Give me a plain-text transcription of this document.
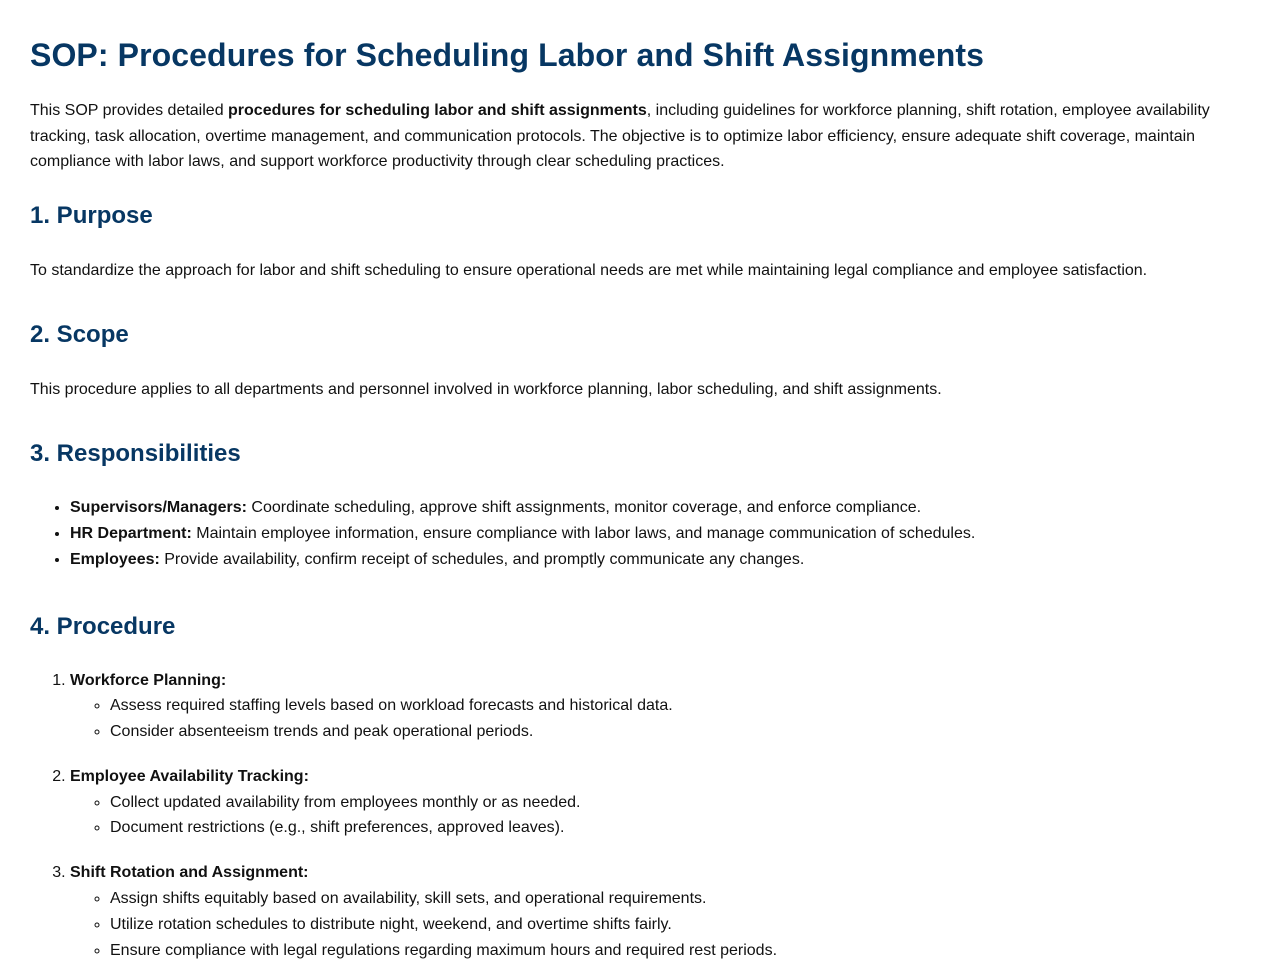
SOP: Procedures for Scheduling Labor and Shift Assignments

This SOP provides detailed procedures for scheduling labor and shift assignments, including guidelines for workforce planning, shift rotation, employee availability tracking, task allocation, overtime management, and communication protocols. The objective is to optimize labor efficiency, ensure adequate shift coverage, maintain compliance with labor laws, and support workforce productivity through clear scheduling practices.

1. Purpose

To standardize the approach for labor and shift scheduling to ensure operational needs are met while maintaining legal compliance and employee satisfaction.

2. Scope

This procedure applies to all departments and personnel involved in workforce planning, labor scheduling, and shift assignments.

3. Responsibilities
• Supervisors/Managers: Coordinate scheduling, approve shift assignments, monitor coverage, and enforce compliance.
• HR Department: Maintain employee information, ensure compliance with labor laws, and manage communication of schedules.
• Employees: Provide availability, confirm receipt of schedules, and promptly communicate any changes.
4. Procedure
1. Workforce Planning:
◦ Assess required staffing levels based on workload forecasts and historical data.
◦ Consider absenteeism trends and peak operational periods.
2. Employee Availability Tracking:
◦ Collect updated availability from employees monthly or as needed.
◦ Document restrictions (e.g., shift preferences, approved leaves).
3. Shift Rotation and Assignment:
◦ Assign shifts equitably based on availability, skill sets, and operational requirements.
◦ Utilize rotation schedules to distribute night, weekend, and overtime shifts fairly.
◦ Ensure compliance with legal regulations regarding maximum hours and required rest periods.
